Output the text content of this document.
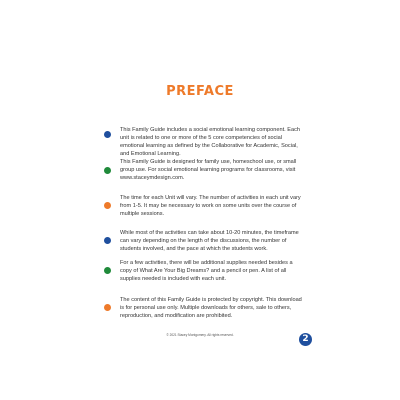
PREFACE
This Family Guide includes a social emotional learning component. Each unit is related to one or more of the 5 core competencies of social emotional learning as defined by the Collaborative for Academic, Social, and Emotional Learning.
This Family Guide is designed for family use, homeschool use, or small group use. For social emotional learning programs for classrooms, visit www.staceymdesign.com.
The time for each Unit will vary. The number of activities in each unit vary from 1-5. It may be necessary to work on some units over the course of multiple sessions.
While most of the activities can take about 10-20 minutes, the timeframe can vary depending on the length of the discussions, the number of students involved, and the pace at which the students work.
For a few activities, there will be additional supplies needed besides a copy of What Are Your Big Dreams? and a pencil or pen. A list of all supplies needed is included with each unit.
The content of this Family Guide is protected by copyright. This download is for personal use only. Multiple downloads for others, sale to others, reproduction, and modification are prohibited.
© 2021 Stacey Montgomery. All rights reserved.	2
